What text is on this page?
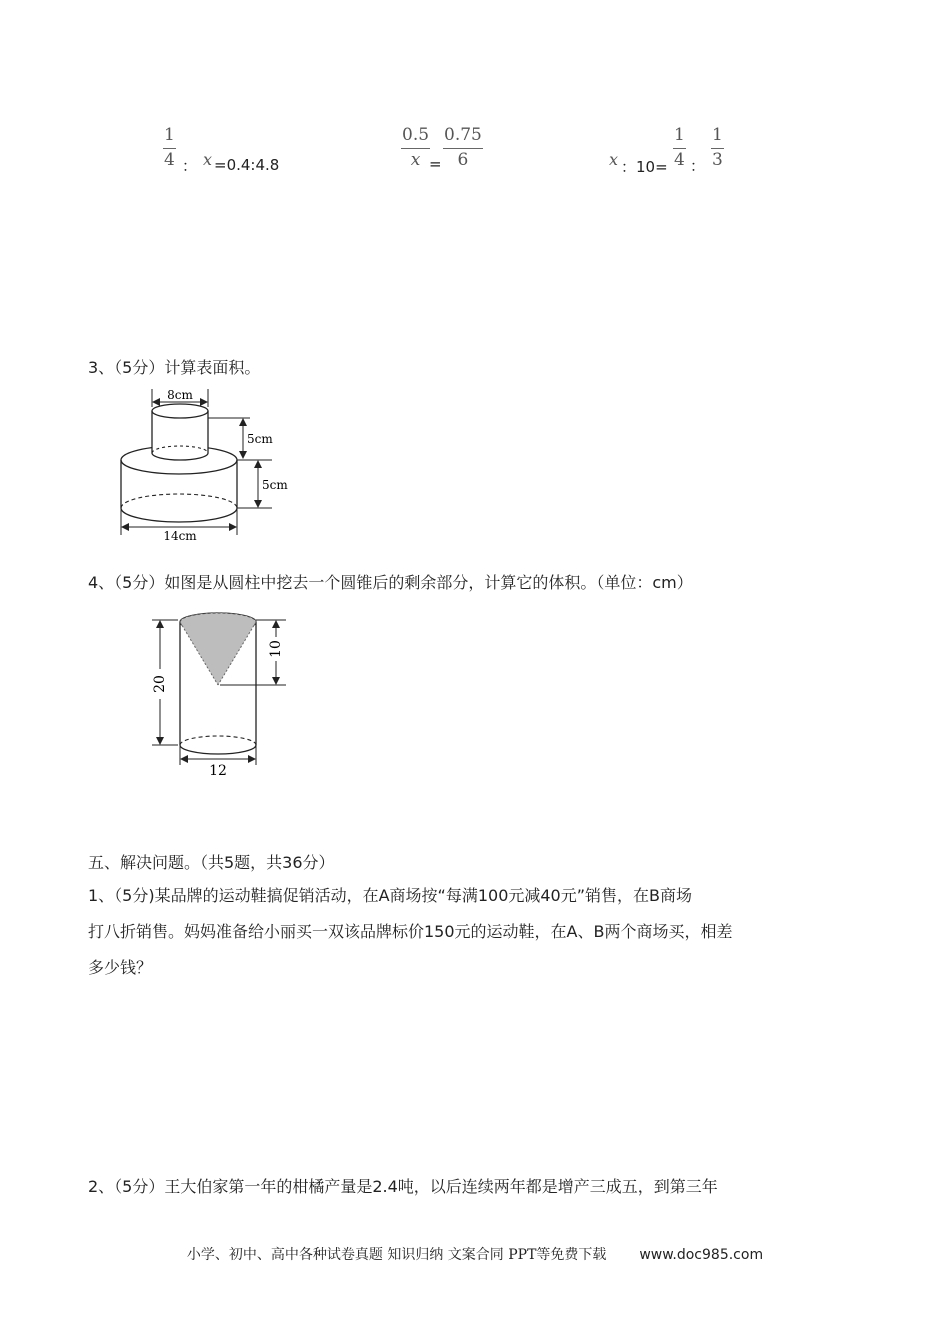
1
4 ： x =0.4:4.8
0.5
x =
0.75
6	x ：10=
1
4 ：
1
3
3、（5分）计算表面积。
8cm
5cm
5cm
14cm
4、（5分）如图是从圆柱中挖去一个圆锥后的剩余部分，计算它的体积。（单位：cm）
20
10
12
五、解决问题。（共5题，共36分）
1、（5分)某品牌的运动鞋搞促销活动，在A商场按“每满100元减40元”销售，在B商场
打八折销售。妈妈准备给小丽买一双该品牌标价150元的运动鞋，在A、B两个商场买，相差
多少钱？
2、（5分）王大伯家第一年的柑橘产量是2.4吨，以后连续两年都是增产三成五，到第三年
小学、初中、高中各种试卷真题 知识归纳 文案合同 PPT等免费下载 www.doc985.com
